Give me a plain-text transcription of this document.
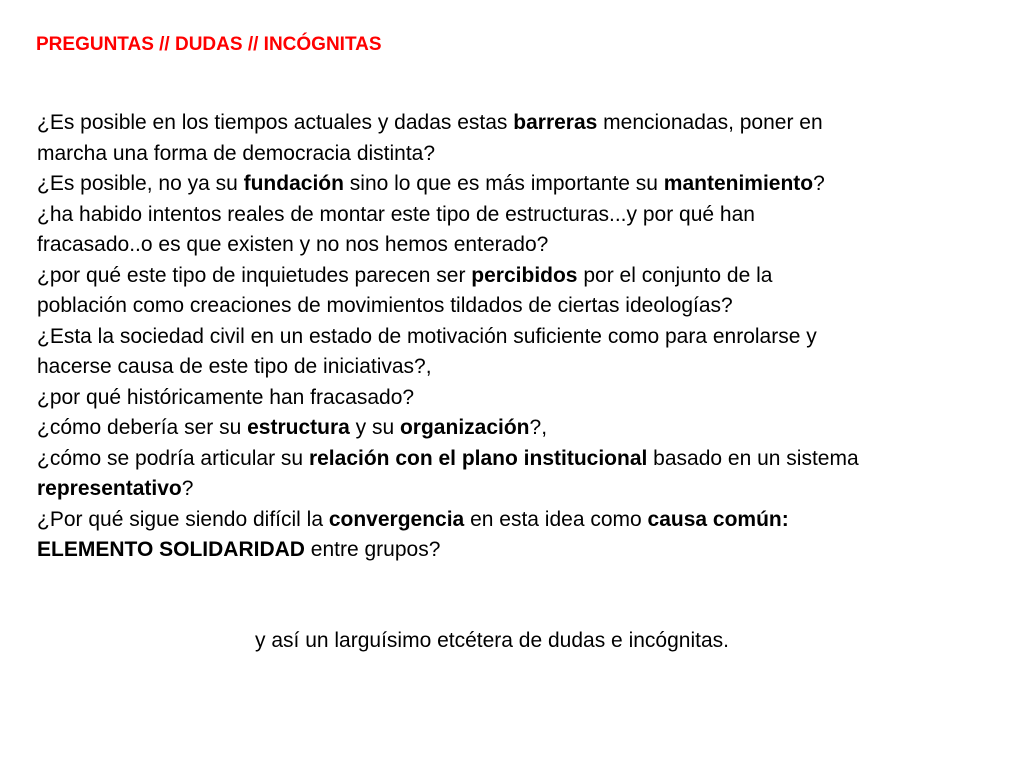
PREGUNTAS // DUDAS // INCÓGNITAS
¿Es posible en los tiempos actuales y dadas estas barreras mencionadas, poner en
marcha una forma de democracia distinta?
¿Es posible, no ya su fundación sino lo que es más importante su mantenimiento?
¿ha habido intentos reales de montar este tipo de estructuras...y por qué han
fracasado..o es que existen y no nos hemos enterado?
¿por qué este tipo de inquietudes parecen ser percibidos por el conjunto de la
población como creaciones de movimientos tildados de ciertas ideologías?
¿Esta la sociedad civil en un estado de motivación suficiente como para enrolarse y
hacerse causa de este tipo de iniciativas?,
¿por qué históricamente han fracasado?
¿cómo debería ser su estructura y su organización?,
¿cómo se podría articular su relación con el plano institucional basado en un sistema
representativo?
¿Por qué sigue siendo difícil la convergencia en esta idea como causa común:
ELEMENTO SOLIDARIDAD entre grupos?
y así un larguísimo etcétera de dudas e incógnitas.
